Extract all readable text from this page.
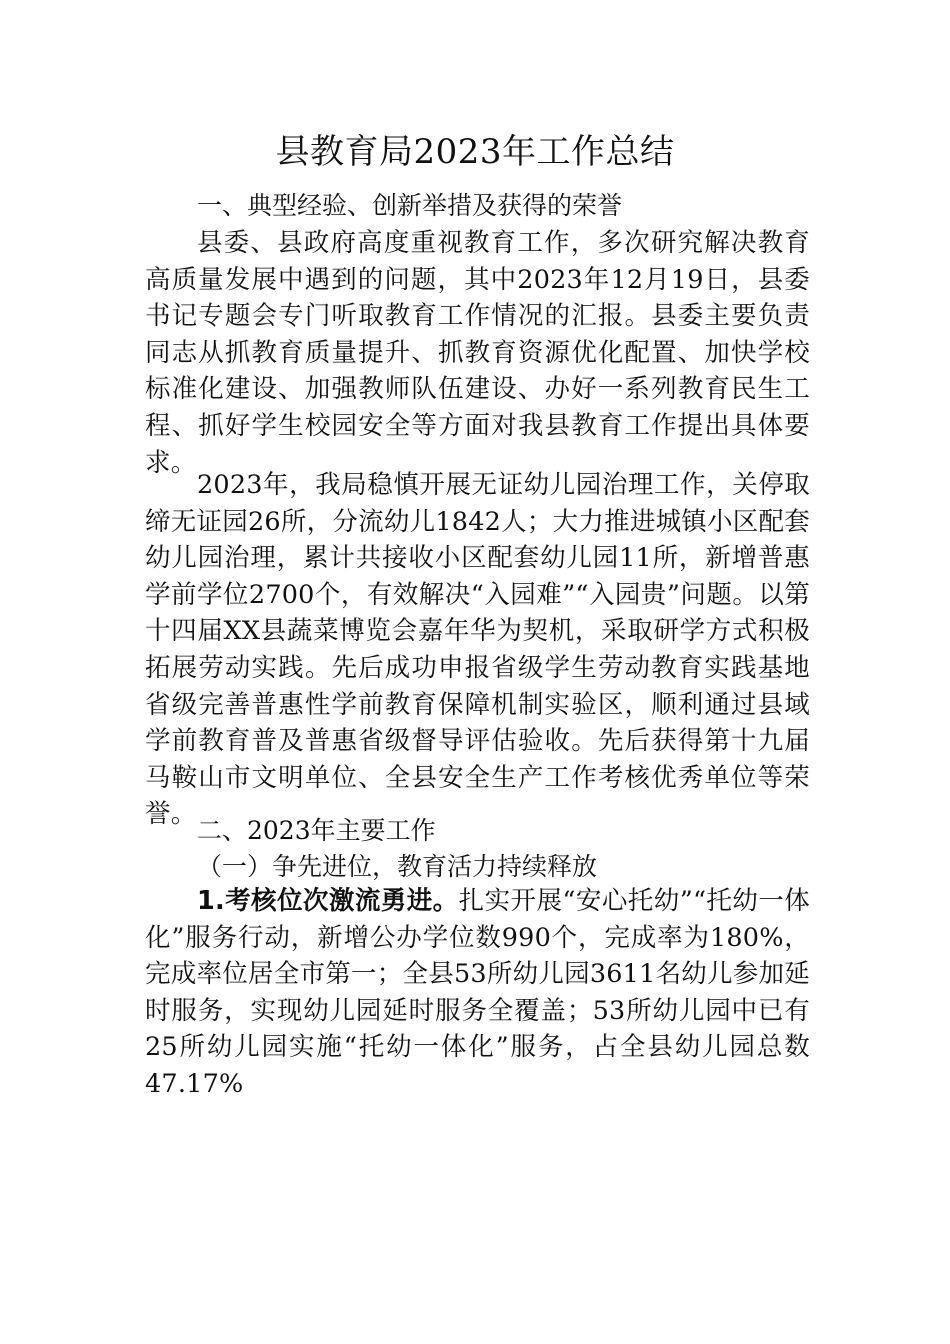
县教育局2023年工作总结

一、典型经验、创新举措及获得的荣誉

县委、县政府高度重视教育工作，多次研究解决教育高质量发展中遇到的问题，其中2023年12月19日，县委书记专题会专门听取教育工作情况的汇报。县委主要负责同志从抓教育质量提升、抓教育资源优化配置、加快学校标准化建设、加强教师队伍建设、办好一系列教育民生工程、抓好学生校园安全等方面对我县教育工作提出具体要求。

2023年，我局稳慎开展无证幼儿园治理工作，关停取缔无证园26所，分流幼儿1842人；大力推进城镇小区配套幼儿园治理，累计共接收小区配套幼儿园11所，新增普惠学前学位2700个，有效解决“入园难”“入园贵”问题。以第十四届XX县蔬菜博览会嘉年华为契机，采取研学方式积极拓展劳动实践。先后成功申报省级学生劳动教育实践基地省级完善普惠性学前教育保障机制实验区，顺利通过县域学前教育普及普惠省级督导评估验收。先后获得第十九届马鞍山市文明单位、全县安全生产工作考核优秀单位等荣誉。

二、2023年主要工作

（一）争先进位，教育活力持续释放

1.考核位次激流勇进。扎实开展“安心托幼”“托幼一体化”服务行动，新增公办学位数990个，完成率为180%，完成率位居全市第一；全县53所幼儿园3611名幼儿参加延时服务，实现幼儿园延时服务全覆盖；53所幼儿园中已有25所幼儿园实施“托幼一体化”服务，占全县幼儿园总数47.17%
